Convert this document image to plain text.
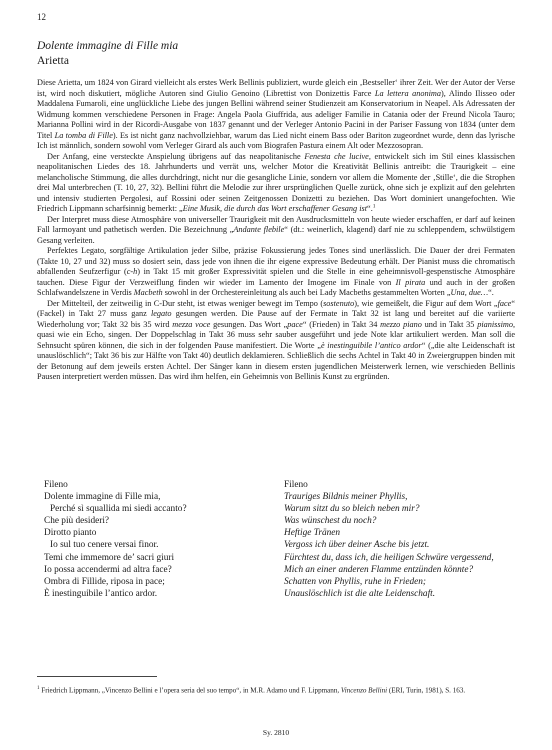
12
Dolente immagine di Fille mia
Arietta

Diese Arietta, um 1824 von Girard vielleicht als erstes Werk Bellinis publiziert, wurde gleich ein ‚Bestseller‘ ihrer Zeit. Wer der Autor der Verse ist, wird noch diskutiert, mögliche Autoren sind Giulio Genoino (Librettist von Donizettis Farce La lettera anonima), Alindo Ilisseo oder Maddalena Fumaroli, eine unglückliche Liebe des jungen Bellini während seiner Studienzeit am Konservatorium in Neapel. Als Adressaten der Widmung kommen verschiedene Personen in Frage: Angela Paola Giuffrida, aus adeliger Familie in Catania oder der Freund Nicola Tauro; Marianna Pollini wird in der Ricordi-Ausgabe von 1837 genannt und der Verleger Antonio Pacini in der Pariser Fassung von 1834 (unter dem Titel La tomba di Fille). Es ist nicht ganz nachvollziehbar, warum das Lied nicht einem Bass oder Bariton zugeordnet wurde, denn das lyrische Ich ist männlich, sondern sowohl vom Verleger Girard als auch vom Biografen Pastura einem Alt oder Mezzosopran.

Der Anfang, eine versteckte Anspielung übrigens auf das neapolitanische Fenesta che lucive, entwickelt sich im Stil eines klassischen neapolitanischen Liedes des 18. Jahrhunderts und verrät uns, welcher Motor die Kreativität Bellinis antreibt: die Traurigkeit – eine melancholische Stimmung, die alles durchdringt, nicht nur die gesangliche Linie, sondern vor allem die Momente der ‚Stille‘, die die Strophen drei Mal unterbrechen (T. 10, 27, 32). Bellini führt die Melodie zur ihrer ursprünglichen Quelle zurück, ohne sich je explizit auf den gelehrten und intensiv studierten Pergolesi, auf Rossini oder seinen Zeitgenossen Donizetti zu beziehen. Das Wort dominiert unangefochten. Wie Friedrich Lippmann scharfsinnig bemerkt: „Eine Musik, die durch das Wort erschaffener Gesang ist“.$^1$

Der Interpret muss diese Atmosphäre von universeller Traurigkeit mit den Ausdrucksmitteln von heute wieder erschaffen, er darf auf keinen Fall larmoyant und pathetisch werden. Die Bezeichnung „Andante flebile“ (dt.: weinerlich, klagend) darf nie zu schleppendem, schwülstigem Gesang verleiten.

Perfektes Legato, sorgfältige Artikulation jeder Silbe, präzise Fokussierung jedes Tones sind unerlässlich. Die Dauer der drei Fermaten (Takte 10, 27 und 32) muss so dosiert sein, dass jede von ihnen die ihr eigene expressive Bedeutung erhält. Der Pianist muss die chromatisch abfallenden Seufzerfigur (c-h) in Takt 15 mit großer Expressivität spielen und die Stelle in eine geheimnisvoll-gespenstische Atmosphäre tauchen. Diese Figur der Verzweiflung finden wir wieder im Lamento der Imogene im Finale von Il pirata und auch in der großen Schlafwandelszene in Verdis Macbeth sowohl in der Orchestereinleitung als auch bei Lady Macbeths gestammelten Worten „Una, due…“.

Der Mittelteil, der zeitweilig in C-Dur steht, ist etwas weniger bewegt im Tempo (sostenuto), wie gemeißelt, die Figur auf dem Wort „face“ (Fackel) in Takt 27 muss ganz legato gesungen werden. Die Pause auf der Fermate in Takt 32 ist lang und bereitet auf die variierte Wiederholung vor; Takt 32 bis 35 wird mezza voce gesungen. Das Wort „pace“ (Frieden) in Takt 34 mezzo piano und in Takt 35 pianissimo, quasi wie ein Echo, singen. Der Doppelschlag in Takt 36 muss sehr sauber ausgeführt und jede Note klar artikuliert werden. Man soll die Sehnsucht spüren können, die sich in der folgenden Pause manifestiert. Die Worte „è inestinguibile l’antico ardor“ („die alte Leidenschaft ist unauslöschlich“; Takt 36 bis zur Hälfte von Takt 40) deutlich deklamieren. Schließlich die sechs Achtel in Takt 40 in Zweiergruppen binden mit der Betonung auf dem jeweils ersten Achtel. Der Sänger kann in diesem ersten jugendlichen Meisterwerk lernen, wie verschieden Bellinis Pausen interpretiert werden müssen. Das wird ihm helfen, ein Geheimnis von Bellinis Kunst zu ergründen.

Fileno
Dolente immagine di Fille mia,
Perché sì squallida mi siedi accanto?
Che più desideri?
Dirotto pianto
Io sul tuo cenere versai finor.
Temi che immemore de’ sacri giuri
Io possa accendermi ad altra face?
Ombra di Fillide, riposa in pace;
È inestinguibile l’antico ardor.
Fileno
Trauriges Bildnis meiner Phyllis,
Warum sitzt du so bleich neben mir?
Was wünschest du noch?
Heftige Tränen
Vergoss ich über deiner Asche bis jetzt.
Fürchtest du, dass ich, die heiligen Schwüre vergessend,
Mich an einer anderen Flamme entzünden könnte?
Schatten von Phyllis, ruhe in Frieden;
Unauslöschlich ist die alte Leidenschaft.
$^1$ Friedrich Lippmann, „Vincenzo Bellini e l’opera seria del suo tempo“, in M.R. Adamo und F. Lippmann, Vincenzo Bellini (ERI, Turin, 1981), S. 163.
Sy. 2810
